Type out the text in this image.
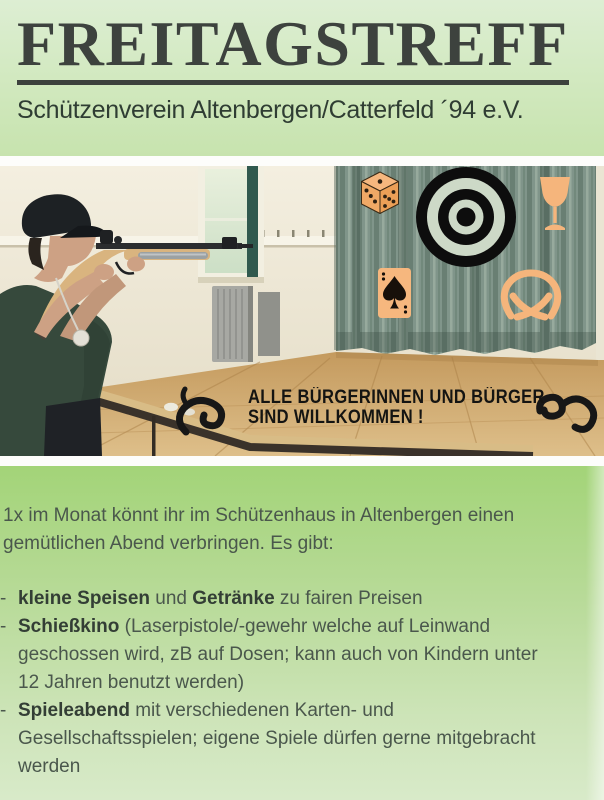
FREITAGSTREFF

Schützenverein Altenbergen/Catterfeld ´94 e.V.

ALLE BÜRGERINNEN UND BÜRGER
SIND WILLKOMMEN !

1x im Monat könnt ihr im Schützenhaus in Altenbergen einen gemütlichen Abend verbringen. Es gibt:

- kleine Speisen und Getränke zu fairen Preisen
- Schießkino (Laserpistole/-gewehr welche auf Leinwand geschossen wird, zB auf Dosen; kann auch von Kindern unter 12 Jahren benutzt werden)
- Spieleabend mit verschiedenen Karten- und Gesellschaftsspielen; eigene Spiele dürfen gerne mitgebracht werden
